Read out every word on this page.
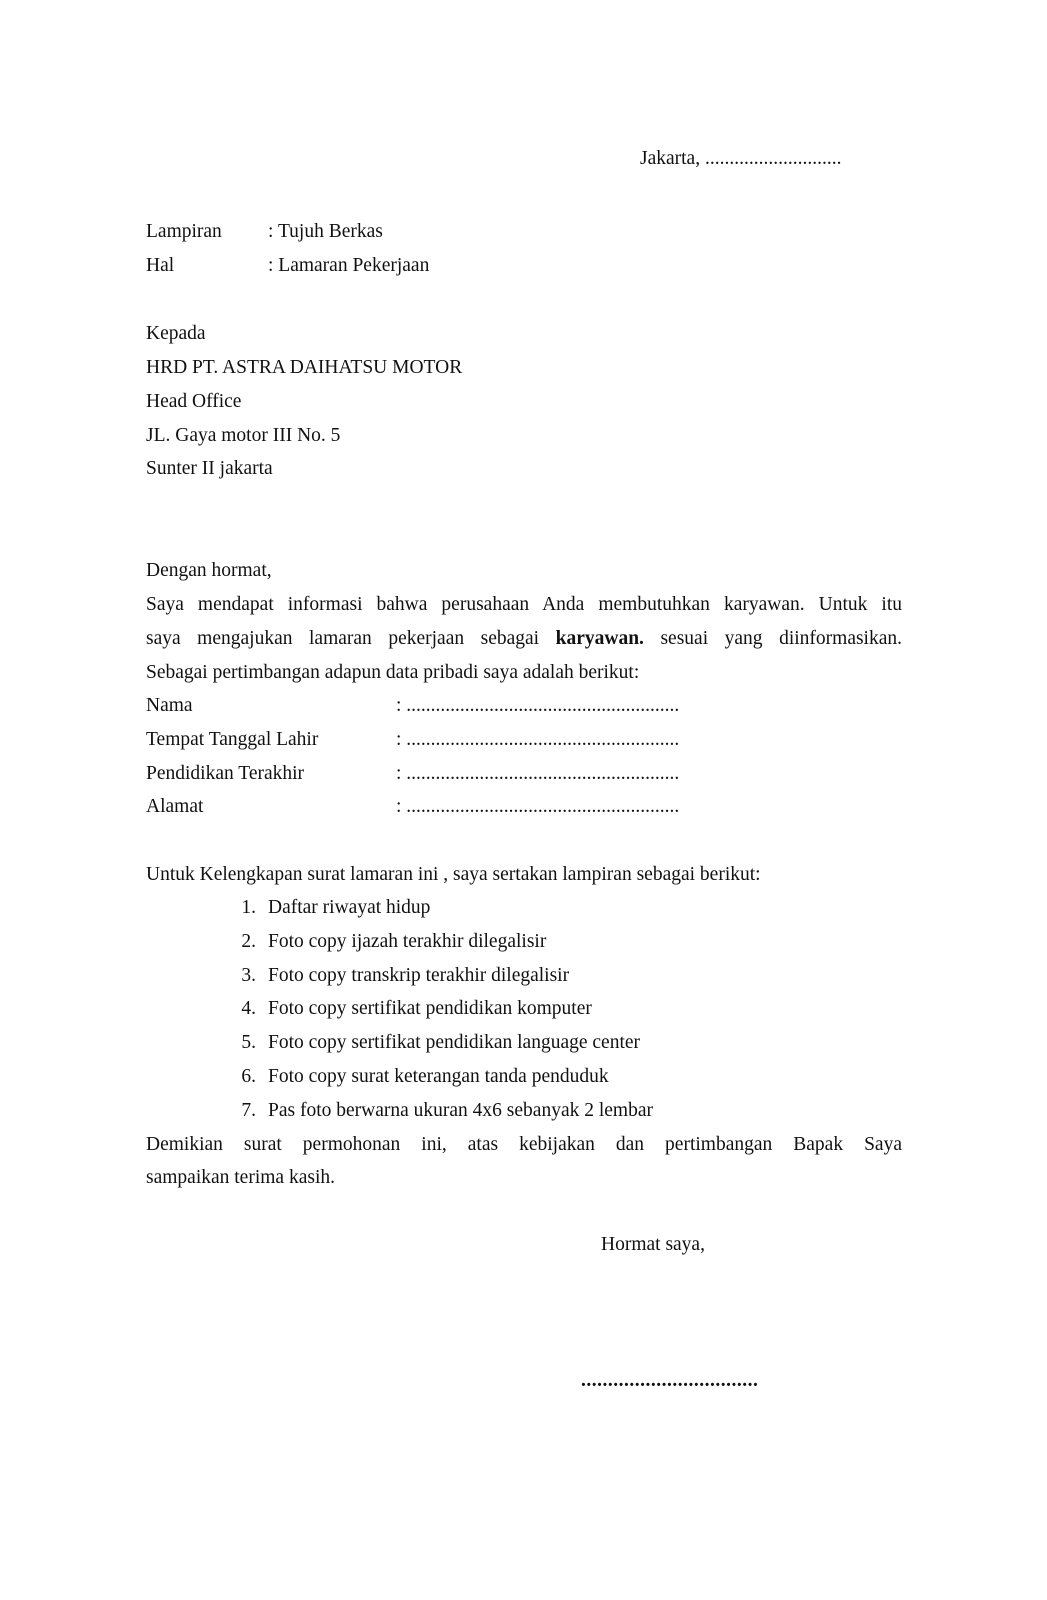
Jakarta, ............................
Lampiran : Tujuh Berkas
Hal	: Lamaran Pekerjaan
Kepada
HRD PT. ASTRA DAIHATSU MOTOR
Head Office
JL. Gaya motor III No. 5
Sunter II jakarta
Dengan hormat,
Saya mendapat informasi bahwa perusahaan Anda membutuhkan karyawan. Untuk itu
saya mengajukan lamaran pekerjaan sebagai karyawan. sesuai yang diinformasikan.
Sebagai pertimbangan adapun data pribadi saya adalah berikut:
Nama	: ........................................................
Tempat Tanggal Lahir	: ........................................................
Pendidikan Terakhir	: ........................................................
Alamat	: ........................................................
Untuk Kelengkapan surat lamaran ini , saya sertakan lampiran sebagai berikut:
1. Daftar riwayat hidup
2. Foto copy ijazah terakhir dilegalisir
3. Foto copy transkrip terakhir dilegalisir
4. Foto copy sertifikat pendidikan komputer
5. Foto copy sertifikat pendidikan language center
6. Foto copy surat keterangan tanda penduduk
7. Pas foto berwarna ukuran 4x6 sebanyak 2 lembar
Demikian surat permohonan ini, atas kebijakan dan pertimbangan Bapak Saya
sampaikan terima kasih.
Hormat saya,
.................................
